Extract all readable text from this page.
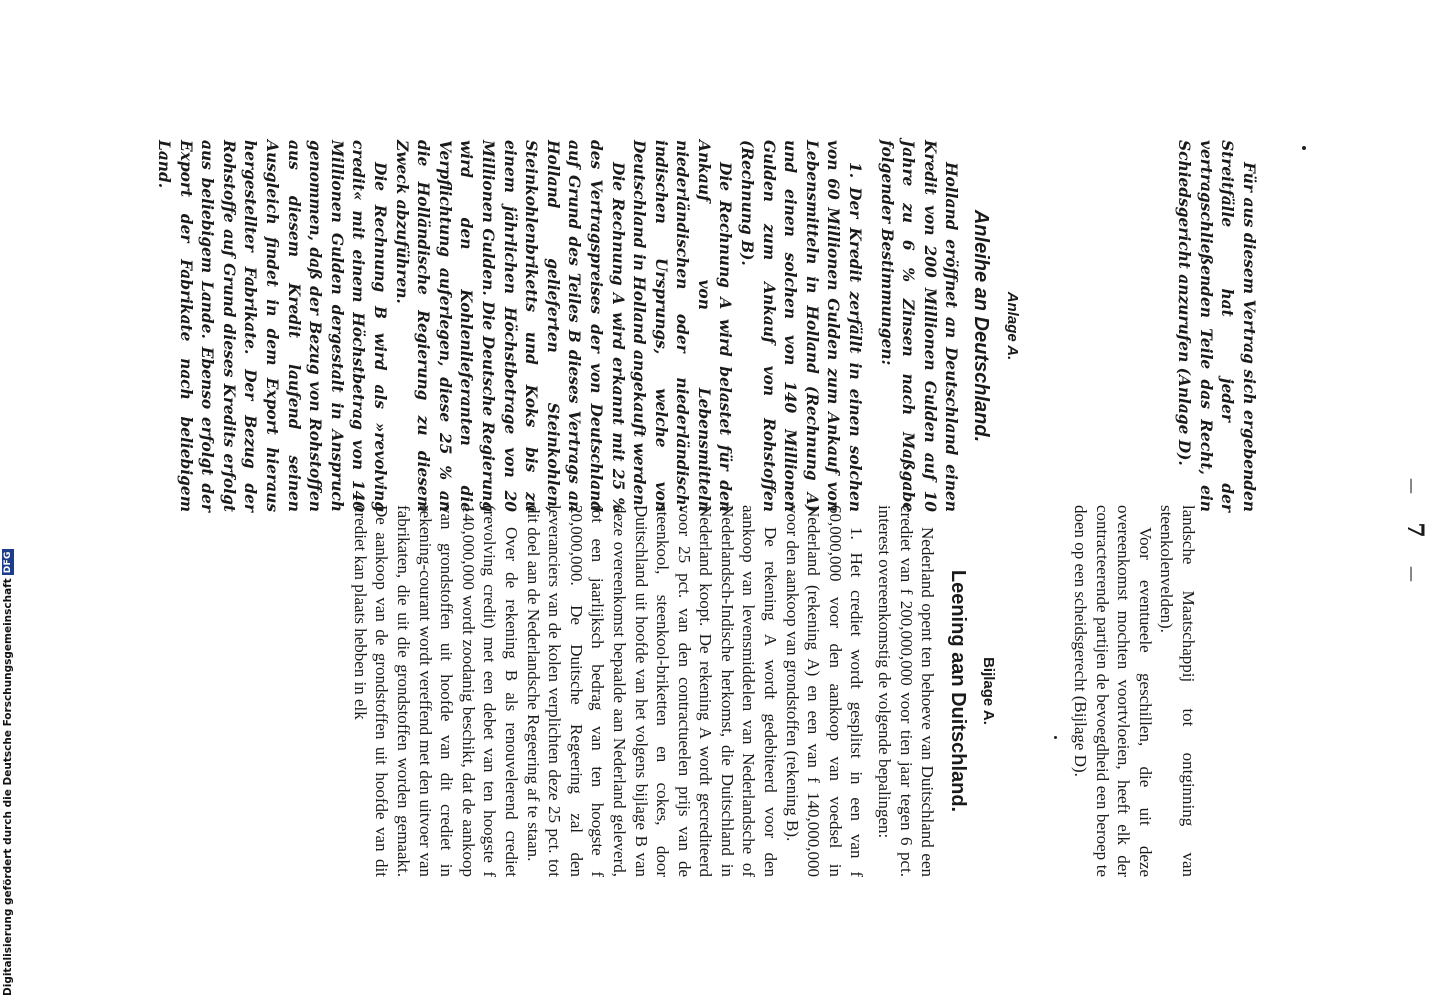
—
7
—

Für aus diesem Vertrag sich ergebenden Streitfälle hat jeder der vertragschließenden Teile das Recht, ein Schiedsgericht anzurufen (Anlage D).

Anlage A.
Anleihe an Deutschland.

Holland eröffnet an Deutschland einen Kredit von 200 Millionen Gulden auf 10 Jahre zu 6 % Zinsen nach Maßgabe folgender Bestimmungen:

1. Der Kredit zerfällt in einen solchen von 60 Millionen Gulden zum Ankauf von Lebensmitteln in Holland (Rechnung A) und einen solchen von 140 Millionen Gulden zum Ankauf von Rohstoffen (Rechnung B).

Die Rechnung A wird belastet für den Ankauf von Lebensmitteln niederländischen oder niederländisch-indischen Ursprungs, welche von Deutschland in Holland angekauft werden.

Die Rechnung A wird erkannt mit 25 % des Vertragspreises der von Deutschland auf Grund des Teiles B dieses Vertrags an Holland gelieferten Steinkohlen, Steinkohlenbriketts und Koks bis zu einem jährlichen Höchstbetrage von 20 Millionen Gulden. Die Deutsche Regierung wird den Kohlenlieferanten die Verpflichtung auferlegen, diese 25 % an die Holländische Regierung zu diesem Zweck abzuführen.

Die Rechnung B wird als »revolving credit« mit einem Höchstbetrag von 140 Millionen Gulden dergestalt in Anspruch genommen, daß der Bezug von Rohstoffen aus diesem Kredit laufend seinen Ausgleich findet in dem Export hieraus hergestellter Fabrikate. Der Bezug der Rohstoffe auf Grund dieses Kredits erfolgt aus beliebigem Lande. Ebenso erfolgt der Export der Fabrikate nach beliebigem Land.

landsche Maatschappij tot ontginning van steenkolenvelden).

Voor eventueele geschillen, die uit deze overeenkomst mochten voortvloeien, heeft elk der contracteerende partijen de bevoegdheid een beroep te doen op een scheidsgerecht (Bijlage D).

Bijlage A.
Leening aan Duitschland.

Nederland opent ten behoeve van Duitschland een crediet van f 200,000,000 voor tien jaar tegen 6 pct. interest overeenkomstig de volgende bepalingen:

1. Het crediet wordt gesplitst in een van f 60,000,000 voor den aankoop van voedsel in Nederland (rekening A) en een van f 140,000,000 voor den aankoop van grondstoffen (rekening B).

De rekening A wordt gedebiteerd voor den aankoop van levensmiddelen van Nederlandsche of Nederlandsch-Indische herkomst, die Duitschland in Nederland koopt. De rekening A wordt gecrediteerd voor 25 pct. van den contractueelen prijs van de steenkool, steenkool-briketten en cokes, door Duitschland uit hoofde van het volgens bijlage B van deze overeenkomst bepaalde aan Nederland geleverd, tot een jaarlijksch bedrag van ten hoogste f 20,000,000. De Duitsche Regeering zal den leveranciers van de kolen verplichten deze 25 pct. tot dit doel aan de Nederlandsche Regeering af te staan.

Over de rekening B als renouvelerend crediet (revolving credit) met een debet van ten hoogste f 140,000,000 wordt zoodanig beschikt, dat de aankoop van grondstoffen uit hoofde van dit crediet in rekening-courant wordt vereffend met den uitvoer van fabrikaten, die uit die grondstoffen worden gemaakt. De aankoop van de grondstoffen uit hoofde van dit crediet kan plaats hebben in elk

Digitalisierung gefördert durch die Deutsche Forschungsgemeinschaft
DFG
